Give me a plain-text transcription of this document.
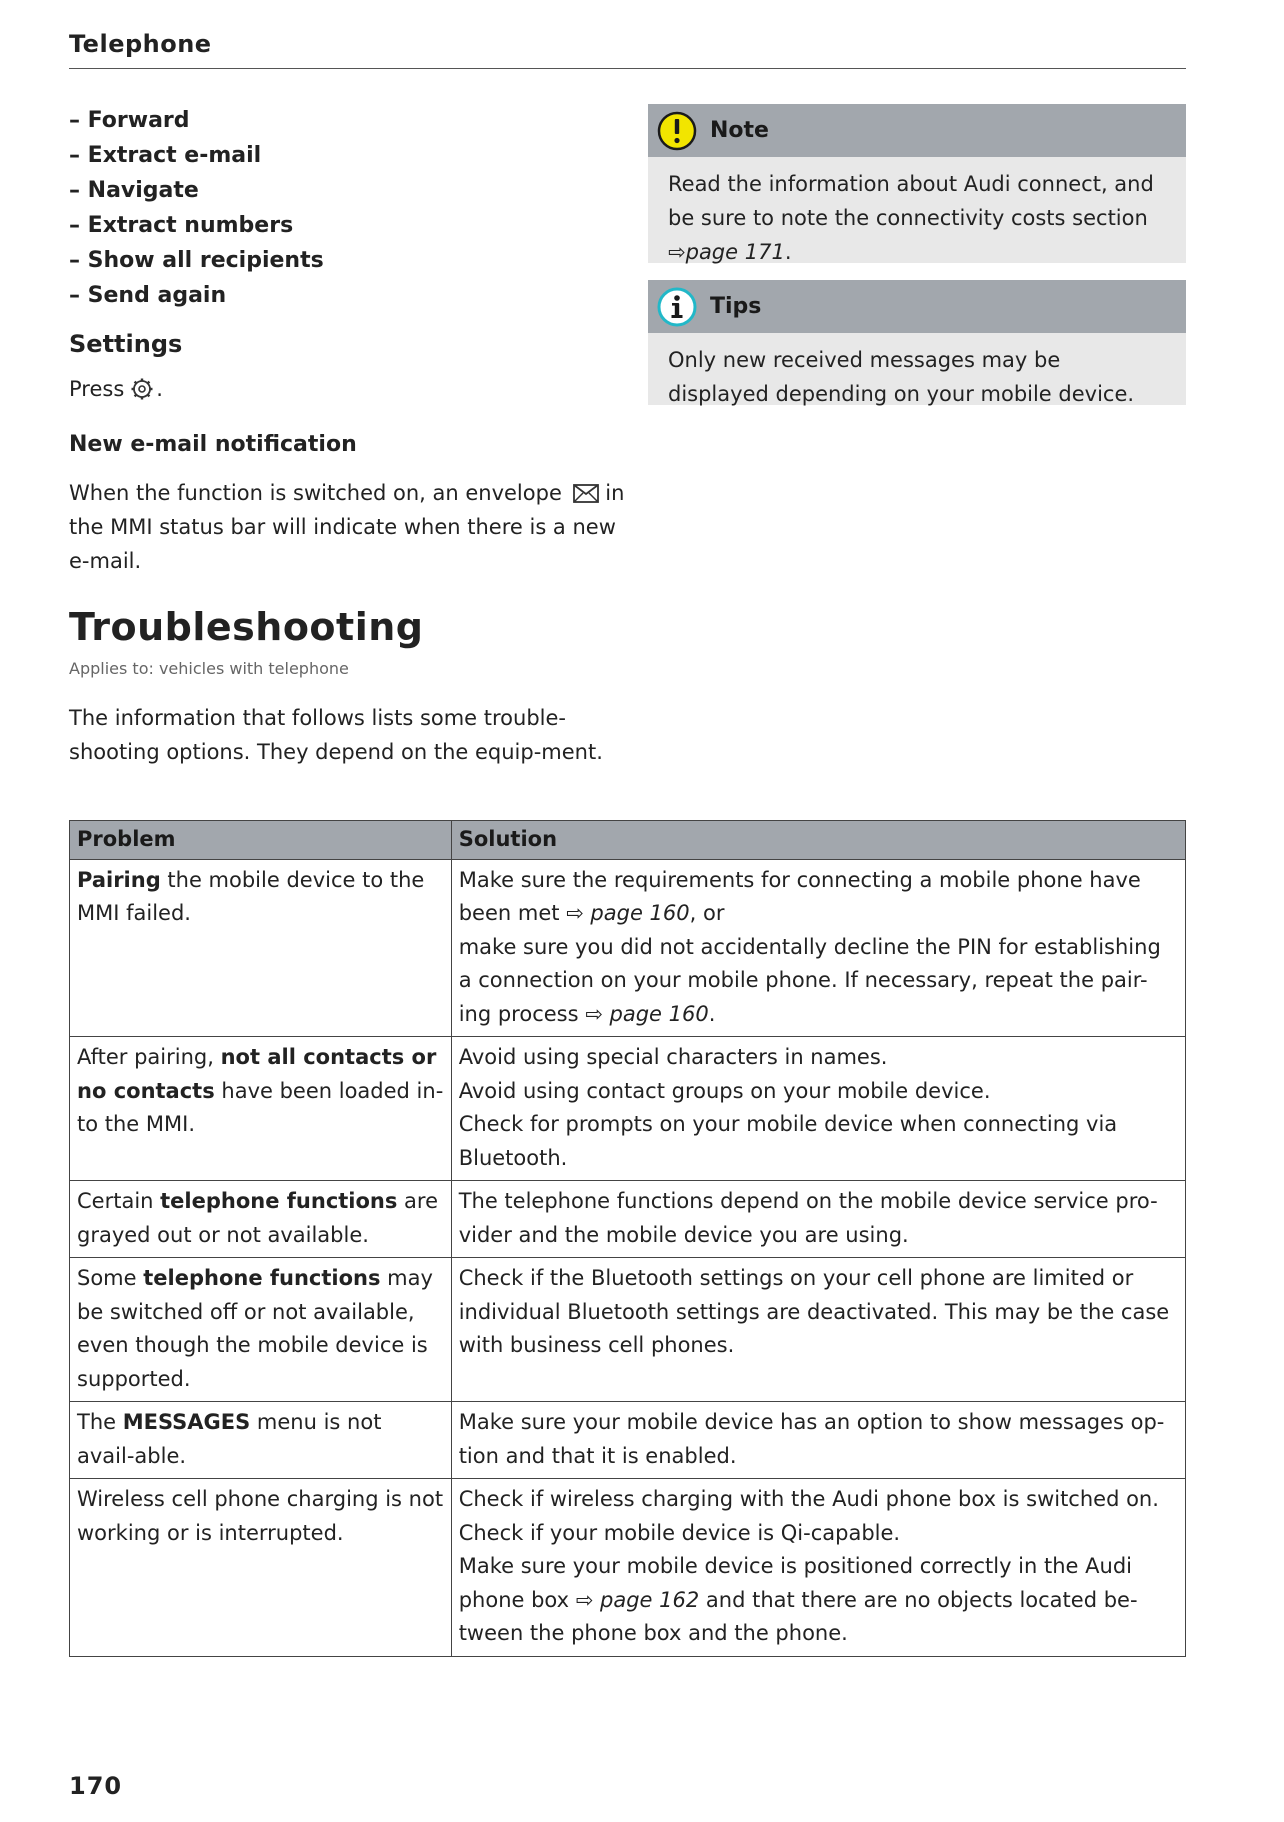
Telephone
– Forward
– Extract e-mail
– Navigate
– Extract numbers
– Show all recipients
– Send again
Settings
Press .
New e-mail notification
When the function is switched on, an envelope in the MMI status bar will indicate when there is a new e-mail.
Troubleshooting
Applies to: vehicles with telephone
The information that follows lists some trouble-shooting options. They depend on the equip-ment.
Note
Read the information about Audi connect, and be sure to note the connectivity costs section ⇨page 171.
Tips
Only new received messages may be displayed depending on your mobile device.
Problem	Solution
Pairing the mobile device to the MMI failed.	Make sure the requirements for connecting a mobile phone have been met ⇨ page 160, or
make sure you did not accidentally decline the PIN for establishing a connection on your mobile phone. If necessary, repeat the pair-ing process ⇨ page 160.

After pairing, not all contacts or no contacts have been loaded in-to the MMI.	Avoid using special characters in names.
Avoid using contact groups on your mobile device.
Check for prompts on your mobile device when connecting via Bluetooth.

Certain telephone functions are grayed out or not available.	The telephone functions depend on the mobile device service pro-vider and the mobile device you are using.

Some telephone functions may be switched off or not available, even though the mobile device is supported.	Check if the Bluetooth settings on your cell phone are limited or individual Bluetooth settings are deactivated. This may be the case with business cell phones.

The MESSAGES menu is not avail-able.	Make sure your mobile device has an option to show messages op-tion and that it is enabled.

Wireless cell phone charging is not working or is interrupted.	Check if wireless charging with the Audi phone box is switched on.
Check if your mobile device is Qi-capable.
Make sure your mobile device is positioned correctly in the Audi phone box ⇨ page 162 and that there are no objects located be-tween the phone box and the phone.
170
